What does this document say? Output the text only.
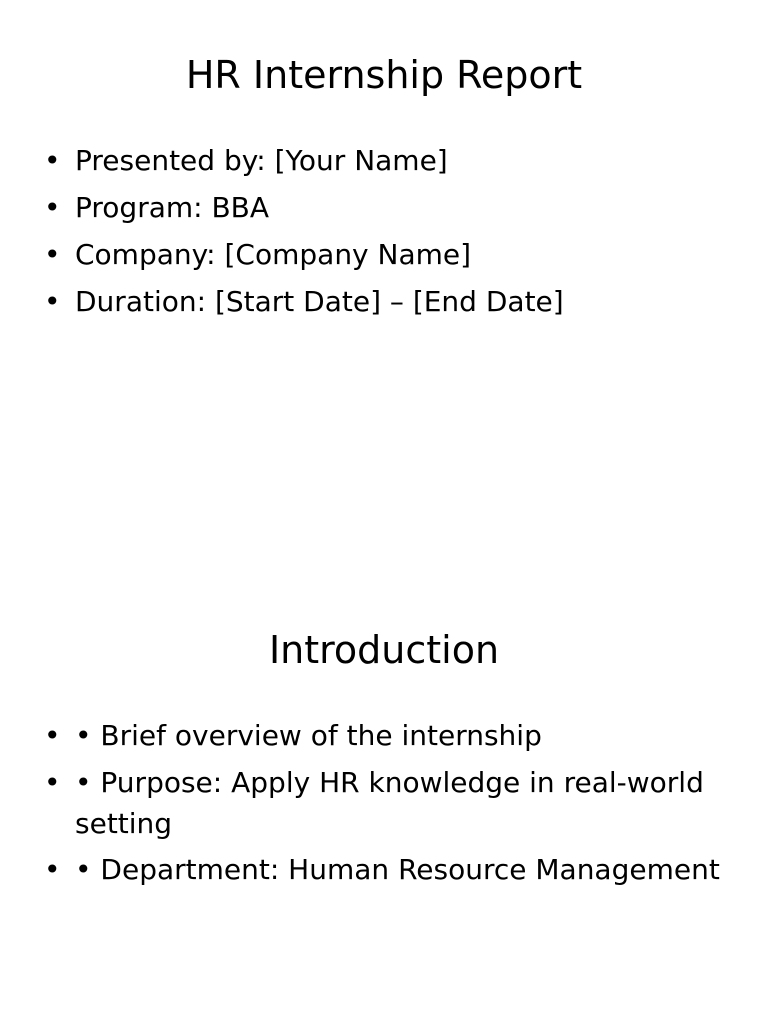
HR Internship Report
• Presented by: [Your Name]
• Program: BBA
• Company: [Company Name]
• Duration: [Start Date] – [End Date]
Introduction
• • Brief overview of the internship
• • Purpose: Apply HR knowledge in real-world setting
• • Department: Human Resource Management
